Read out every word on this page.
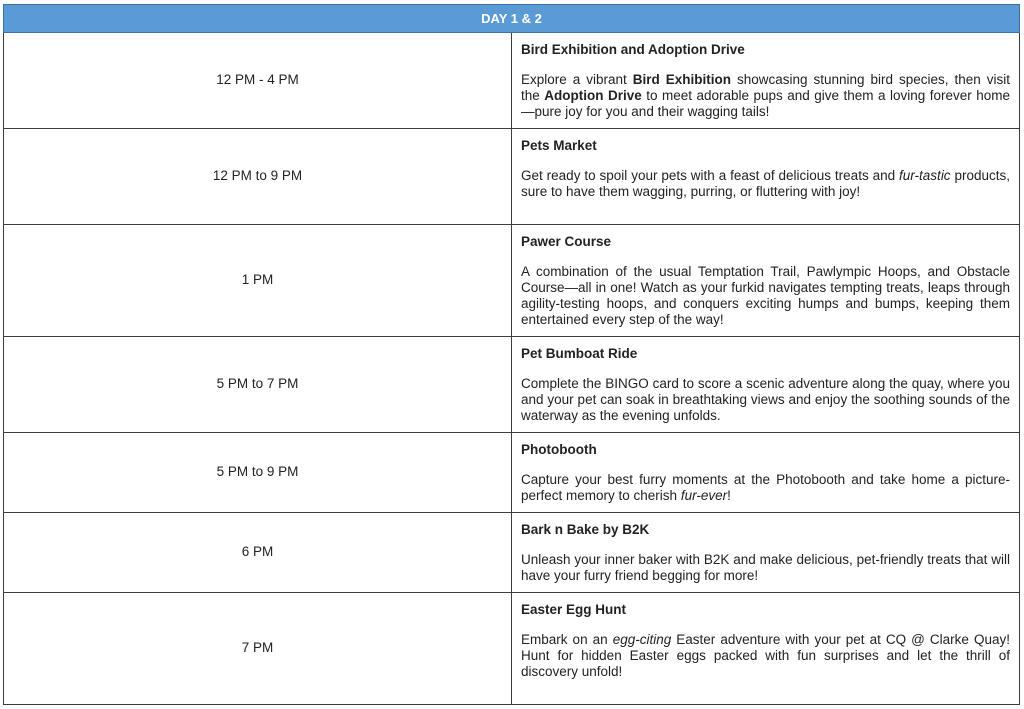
DAY 1 & 2	
12 PM - 4 PM	Bird Exhibition and Adoption Drive

Explore a vibrant Bird Exhibition showcasing stunning bird species, then visit the Adoption Drive to meet adorable pups and give them a loving forever home—pure joy for you and their wagging tails!

12 PM to 9 PM	Pets Market

Get ready to spoil your pets with a feast of delicious treats and fur-tastic products, sure to have them wagging, purring, or fluttering with joy!

1 PM	Pawer Course

A combination of the usual Temptation Trail, Pawlympic Hoops, and Obstacle Course—all in one! Watch as your furkid navigates tempting treats, leaps through agility-testing hoops, and conquers exciting humps and bumps, keeping them entertained every step of the way!

5 PM to 7 PM	Pet Bumboat Ride

Complete the BINGO card to score a scenic adventure along the quay, where you and your pet can soak in breathtaking views and enjoy the soothing sounds of the waterway as the evening unfolds.

5 PM to 9 PM	Photobooth

Capture your best furry moments at the Photobooth and take home a picture-perfect memory to cherish fur-ever!

6 PM	Bark n Bake by B2K

Unleash your inner baker with B2K and make delicious, pet-friendly treats that will have your furry friend begging for more!

7 PM	Easter Egg Hunt

Embark on an egg-citing Easter adventure with your pet at CQ @ Clarke Quay! Hunt for hidden Easter eggs packed with fun surprises and let the thrill of discovery unfold!
